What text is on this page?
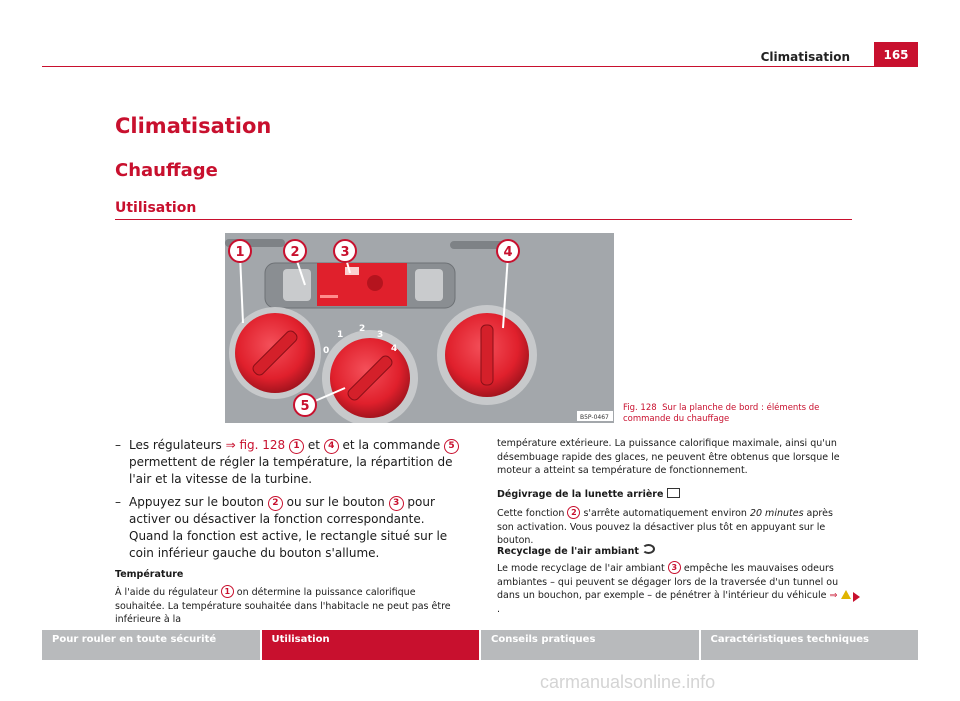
Climatisation	165
Climatisation
Chauffage
Utilisation
0
1
2
3
4
1	2	3	4
5
B5P-0467
Fig. 128 Sur la planche de bord : éléments de commande du chauffage
– Les régulateurs ⇒ fig. 128 1 et 4 et la commande 5 permettent de régler la température, la répartition de l'air et la vitesse de la turbine.
– Appuyez sur le bouton 2 ou sur le bouton 3 pour activer ou désactiver la fonction correspondante. Quand la fonction est active, le rectangle situé sur le coin inférieur gauche du bouton s'allume.
Température
À l'aide du régulateur 1 on détermine la puissance calorifique souhaitée. La température souhaitée dans l'habitacle ne peut pas être inférieure à la
température extérieure. La puissance calorifique maximale, ainsi qu'un désembuage rapide des glaces, ne peuvent être obtenus que lorsque le moteur a atteint sa température de fonctionnement.
Dégivrage de la lunette arrière
Cette fonction 2 s'arrête automatiquement environ 20 minutes après son activation. Vous pouvez la désactiver plus tôt en appuyant sur le bouton.
Recyclage de l'air ambiant
Le mode recyclage de l'air ambiant 3 empêche les mauvaises odeurs ambiantes – qui peuvent se dégager lors de la traversée d'un tunnel ou dans un bouchon, par exemple – de pénétrer à l'intérieur du véhicule ⇒ .
Pour rouler en toute sécurité	Utilisation	Conseils pratiques	Caractéristiques techniques
carmanualsonline.info
